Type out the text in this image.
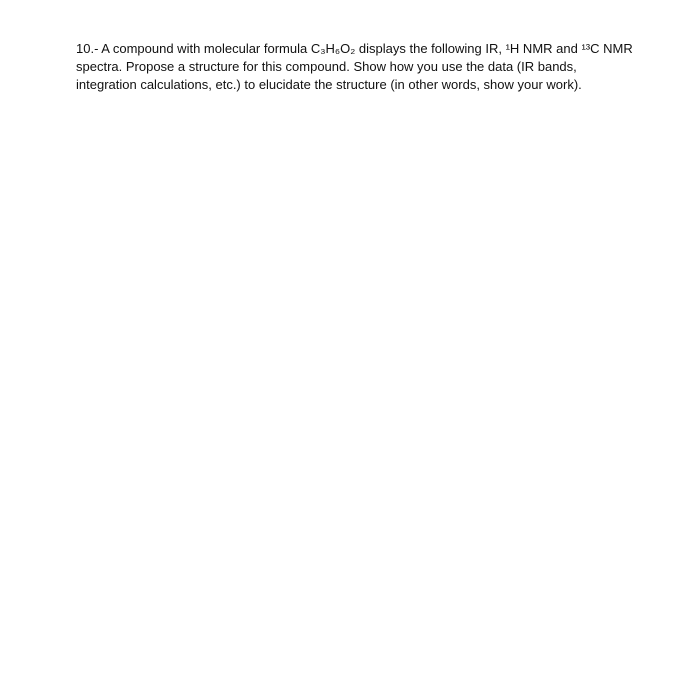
10.- A compound with molecular formula C₃H₆O₂ displays the following IR, ¹H NMR and ¹³C NMR spectra. Propose a structure for this compound. Show how you use the data (IR bands, integration calculations, etc.) to elucidate the structure (in other words, show your work).
100
50
4000	3000	2000	1000
Wavenumbers (cm⁻¹)
%Transmittance	—3035 —2985
—2665
—1716
—1466
—1419
—1384 —1238
—1076
—933
3.5	3.0	2.5	2.0	1.5	ppm
12.0	11.5	ppm
x4
DEPT-90
DEPT-135
180	160	140	120	100	80	60	40	20 ppm
